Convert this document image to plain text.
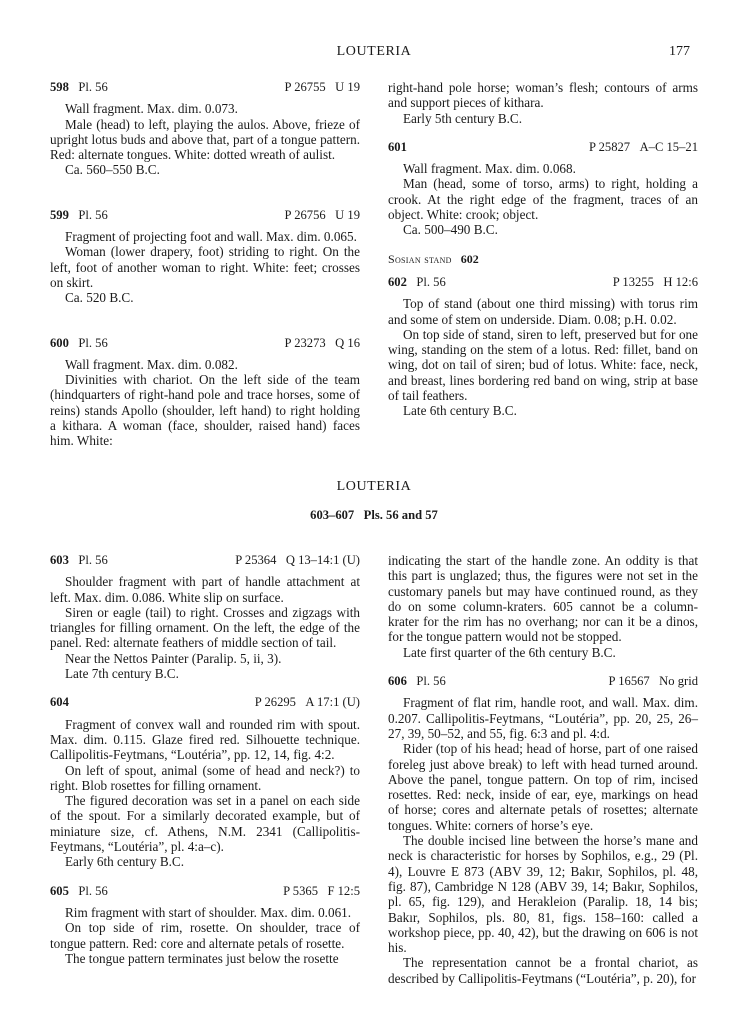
LOUTERIA	177
598 Pl. 56	P 26755 U 19

Wall fragment. Max. dim. 0.073.

Male (head) to left, playing the aulos. Above, frieze of upright lotus buds and above that, part of a tongue pattern. Red: alternate tongues. White: dotted wreath of aulist.

Ca. 560–550 B.C.

599 Pl. 56	P 26756 U 19

Fragment of projecting foot and wall. Max. dim. 0.065.

Woman (lower drapery, foot) striding to right. On the left, foot of another woman to right. White: feet; crosses on skirt.

Ca. 520 B.C.

600 Pl. 56	P 23273 Q 16

Wall fragment. Max. dim. 0.082.

Divinities with chariot. On the left side of the team (hindquarters of right-hand pole and trace horses, some of reins) stands Apollo (shoulder, left hand) to right holding a kithara. A woman (face, shoulder, raised hand) faces him. White:

right-hand pole horse; woman’s flesh; contours of arms and support pieces of kithara.

Early 5th century B.C.

601	P 25827 A–C 15–21

Wall fragment. Max. dim. 0.068.

Man (head, some of torso, arms) to right, holding a crook. At the right edge of the fragment, traces of an object. White: crook; object.

Ca. 500–490 B.C.

Sosian stand 602
602 Pl. 56	P 13255 H 12:6

Top of stand (about one third missing) with torus rim and some of stem on underside. Diam. 0.08; p.H. 0.02.

On top side of stand, siren to left, preserved but for one wing, standing on the stem of a lotus. Red: fillet, band on wing, dot on tail of siren; bud of lotus. White: face, neck, and breast, lines bordering red band on wing, strip at base of tail feathers.

Late 6th century B.C.

LOUTERIA
603–607 Pls. 56 and 57
603 Pl. 56	P 25364 Q 13–14:1 (U)

Shoulder fragment with part of handle attachment at left. Max. dim. 0.086. White slip on surface.

Siren or eagle (tail) to right. Crosses and zigzags with triangles for filling ornament. On the left, the edge of the panel. Red: alternate feathers of middle section of tail.

Near the Nettos Painter (Paralip. 5, ii, 3).

Late 7th century B.C.

604	P 26295 A 17:1 (U)

Fragment of convex wall and rounded rim with spout. Max. dim. 0.115. Glaze fired red. Silhouette technique. Callipolitis-Feytmans, “Loutéria”, pp. 12, 14, fig. 4:2.

On left of spout, animal (some of head and neck?) to right. Blob rosettes for filling ornament.

The figured decoration was set in a panel on each side of the spout. For a similarly decorated example, but of miniature size, cf. Athens, N.M. 2341 (Callipolitis-Feytmans, “Loutéria”, pl. 4:a–c).

Early 6th century B.C.

605 Pl. 56	P 5365 F 12:5

Rim fragment with start of shoulder. Max. dim. 0.061.

On top side of rim, rosette. On shoulder, trace of tongue pattern. Red: core and alternate petals of rosette.

The tongue pattern terminates just below the rosette

indicating the start of the handle zone. An oddity is that this part is unglazed; thus, the figures were not set in the customary panels but may have continued round, as they do on some column-kraters. 605 cannot be a column-krater for the rim has no overhang; nor can it be a dinos, for the tongue pattern would not be stopped.

Late first quarter of the 6th century B.C.

606 Pl. 56	P 16567 No grid

Fragment of flat rim, handle root, and wall. Max. dim. 0.207. Callipolitis-Feytmans, “Loutéria”, pp. 20, 25, 26–27, 39, 50–52, and 55, fig. 6:3 and pl. 4:d.

Rider (top of his head; head of horse, part of one raised foreleg just above break) to left with head turned around. Above the panel, tongue pattern. On top of rim, incised rosettes. Red: neck, inside of ear, eye, markings on head of horse; cores and alternate petals of rosettes; alternate tongues. White: corners of horse’s eye.

The double incised line between the horse’s mane and neck is characteristic for horses by Sophilos, e.g., 29 (Pl. 4), Louvre E 873 (ABV 39, 12; Bakır, Sophilos, pl. 48, fig. 87), Cambridge N 128 (ABV 39, 14; Bakır, Sophilos, pl. 65, fig. 129), and Herakleion (Paralip. 18, 14 bis; Bakır, Sophilos, pls. 80, 81, figs. 158–160: called a workshop piece, pp. 40, 42), but the drawing on 606 is not his.

The representation cannot be a frontal chariot, as described by Callipolitis-Feytmans (“Loutéria”, p. 20), for
